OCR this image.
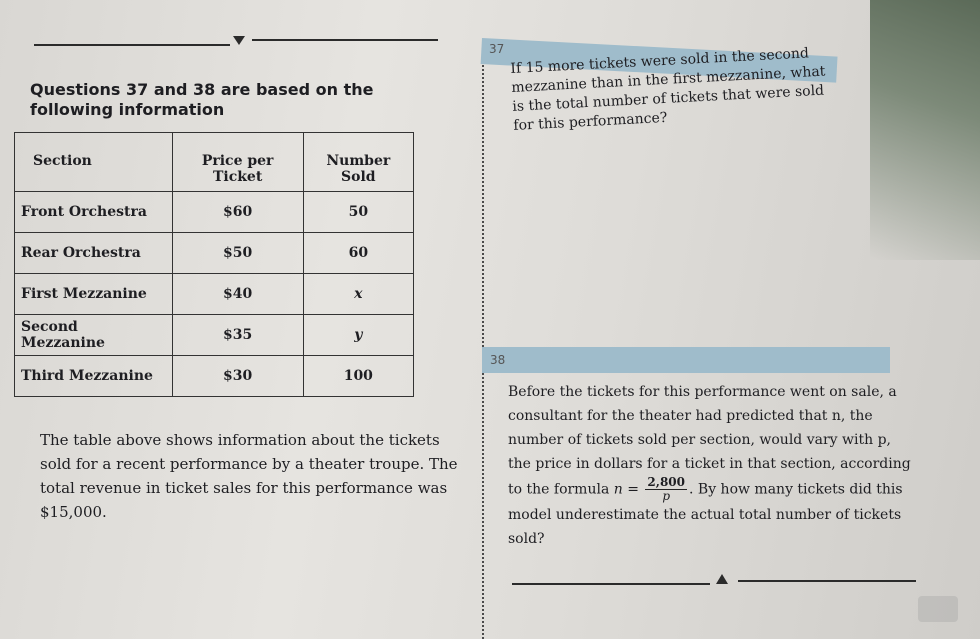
Questions 37 and 38 are based on the following information
Section	Price per Ticket	Number Sold
Front Orchestra	$60	50
Rear Orchestra	$50	60
First Mezzanine	$40	x
Second Mezzanine	$35	y
Third Mezzanine	$30	100
The table above shows information about the tickets sold for a recent performance by a theater troupe. The total revenue in ticket sales for this performance was $15,000.
37 If 15 more tickets were sold in the second mezzanine than in the first mezzanine, what is the total number of tickets that were sold for this performance?
38
Before the tickets for this performance went on sale, a consultant for the theater had predicted that n, the number of tickets sold per section, would vary with p, the price in dollars for a ticket in that section, according to the formula $n = \frac{2,800}{p}$ . By how many tickets did this model underestimate the actual total number of tickets sold?
